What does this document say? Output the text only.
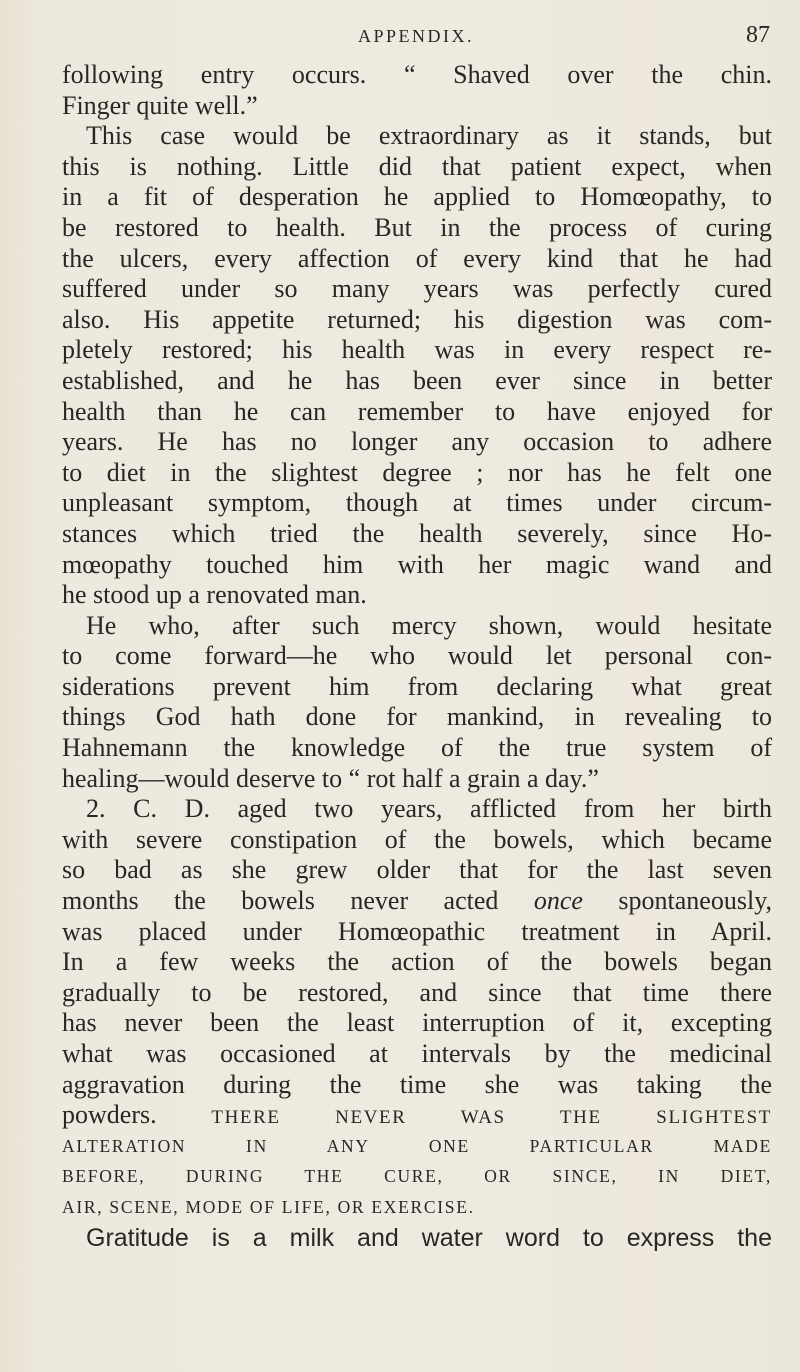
APPENDIX.	87
following entry occurs. “ Shaved over the chin.
Finger quite well.”
This case would be extraordinary as it stands, but
this is nothing. Little did that patient expect, when
in a fit of desperation he applied to Homœopathy, to
be restored to health. But in the process of curing
the ulcers, every affection of every kind that he had
suffered under so many years was perfectly cured
also. His appetite returned; his digestion was com-
pletely restored; his health was in every respect re-
established, and he has been ever since in better
health than he can remember to have enjoyed for
years. He has no longer any occasion to adhere
to diet in the slightest degree ; nor has he felt one
unpleasant symptom, though at times under circum-
stances which tried the health severely, since Ho-
mœopathy touched him with her magic wand and
he stood up a renovated man.
He who, after such mercy shown, would hesitate
to come forward—he who would let personal con-
siderations prevent him from declaring what great
things God hath done for mankind, in revealing to
Hahnemann the knowledge of the true system of
healing—would deserve to “ rot half a grain a day.”
2. C. D. aged two years, afflicted from her birth
with severe constipation of the bowels, which became
so bad as she grew older that for the last seven
months the bowels never acted once spontaneously,
was placed under Homœopathic treatment in April.
In a few weeks the action of the bowels began
gradually to be restored, and since that time there
has never been the least interruption of it, excepting
what was occasioned at intervals by the medicinal
aggravation during the time she was taking the
powders.	THERE NEVER WAS THE SLIGHTEST
ALTERATION IN ANY ONE PARTICULAR MADE
BEFORE, DURING THE CURE, OR SINCE, IN DIET,
AIR, SCENE, MODE OF LIFE, OR EXERCISE.
Gratitude is a milk and water word to express the
